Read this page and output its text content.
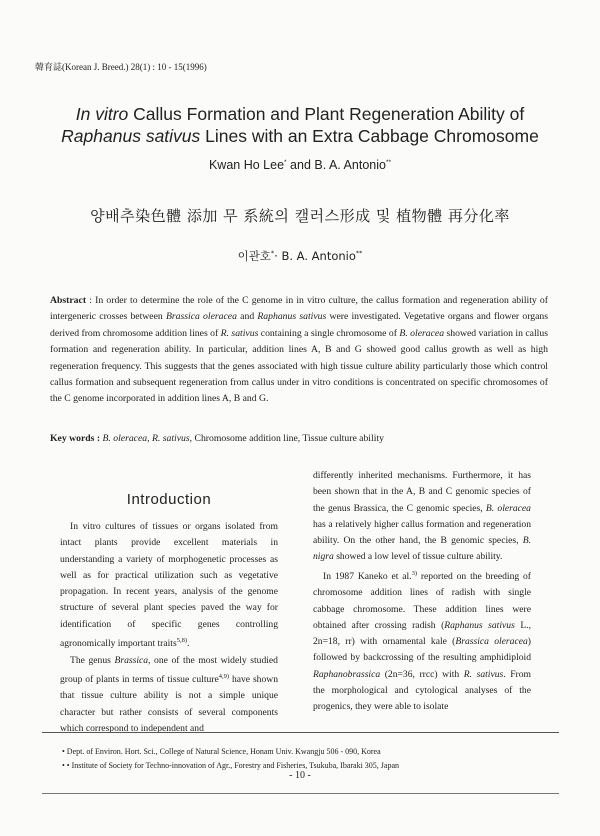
韓育誌(Korean J. Breed.) 28(1) : 10 - 15(1996)
In vitro Callus Formation and Plant Regeneration Ability of
Raphanus sativus Lines with an Extra Cabbage Chromosome
Kwan Ho Lee* and B. A. Antonio**
양배추染色體 添加 무 系統의 캘러스形成 및 植物體 再分化率
이관호*· B. A. Antonio**

Abstract : In order to determine the role of the C genome in in vitro culture, the callus formation and regeneration ability of intergeneric crosses between Brassica oleracea and Raphanus sativus were investigated. Vegetative organs and flower organs derived from chromosome addition lines of R. sativus containing a single chromosome of B. oleracea showed variation in callus formation and regeneration ability. In particular, addition lines A, B and G showed good callus growth as well as high regeneration frequency. This suggests that the genes associated with high tissue culture ability particularly those which control callus formation and subsequent regeneration from callus under in vitro conditions is concentrated on specific chromosomes of the C genome incorporated in addition lines A, B and G.

Key words : B. oleracea, R. sativus, Chromosome addition line, Tissue culture ability
Introduction

In vitro cultures of tissues or organs isolated from intact plants provide excellent materials in understanding a variety of morphogenetic processes as well as for practical utilization such as vegetative propagation. In recent years, analysis of the genome structure of several plant species paved the way for identification of specific genes controlling agronomically important traits$^{5,8)}$.

The genus Brassica, one of the most widely studied group of plants in terms of tissue culture$^{4,9)}$ have shown that tissue culture ability is not a simple unique character but rather consists of several components which correspond to independent and

differently inherited mechanisms. Furthermore, it has been shown that in the A, B and C genomic species of the genus Brassica, the C genomic species, B. oleracea has a relatively higher callus formation and regeneration ability. On the other hand, the B genomic species, B. nigra showed a low level of tissue culture ability.

In 1987 Kaneko et al.$^{3)}$ reported on the breeding of chromosome addition lines of radish with single cabbage chromosome. These addition lines were obtained after crossing radish (Raphanus sativus L., 2n=18, rr) with ornamental kale (Brassica oleracea) followed by backcrossing of the resulting amphidiploid Raphanobrassica (2n=36, rrcc) with R. sativus. From the morphological and cytological analyses of the progenics, they were able to isolate

• Dept. of Environ. Hort. Sci., College of Natural Science, Honam Univ. Kwangju 506 - 090, Korea
• • Institute of Society for Techno-innovation of Agr., Forestry and Fisheries, Tsukuba, Ibaraki 305, Japan
- 10 -
